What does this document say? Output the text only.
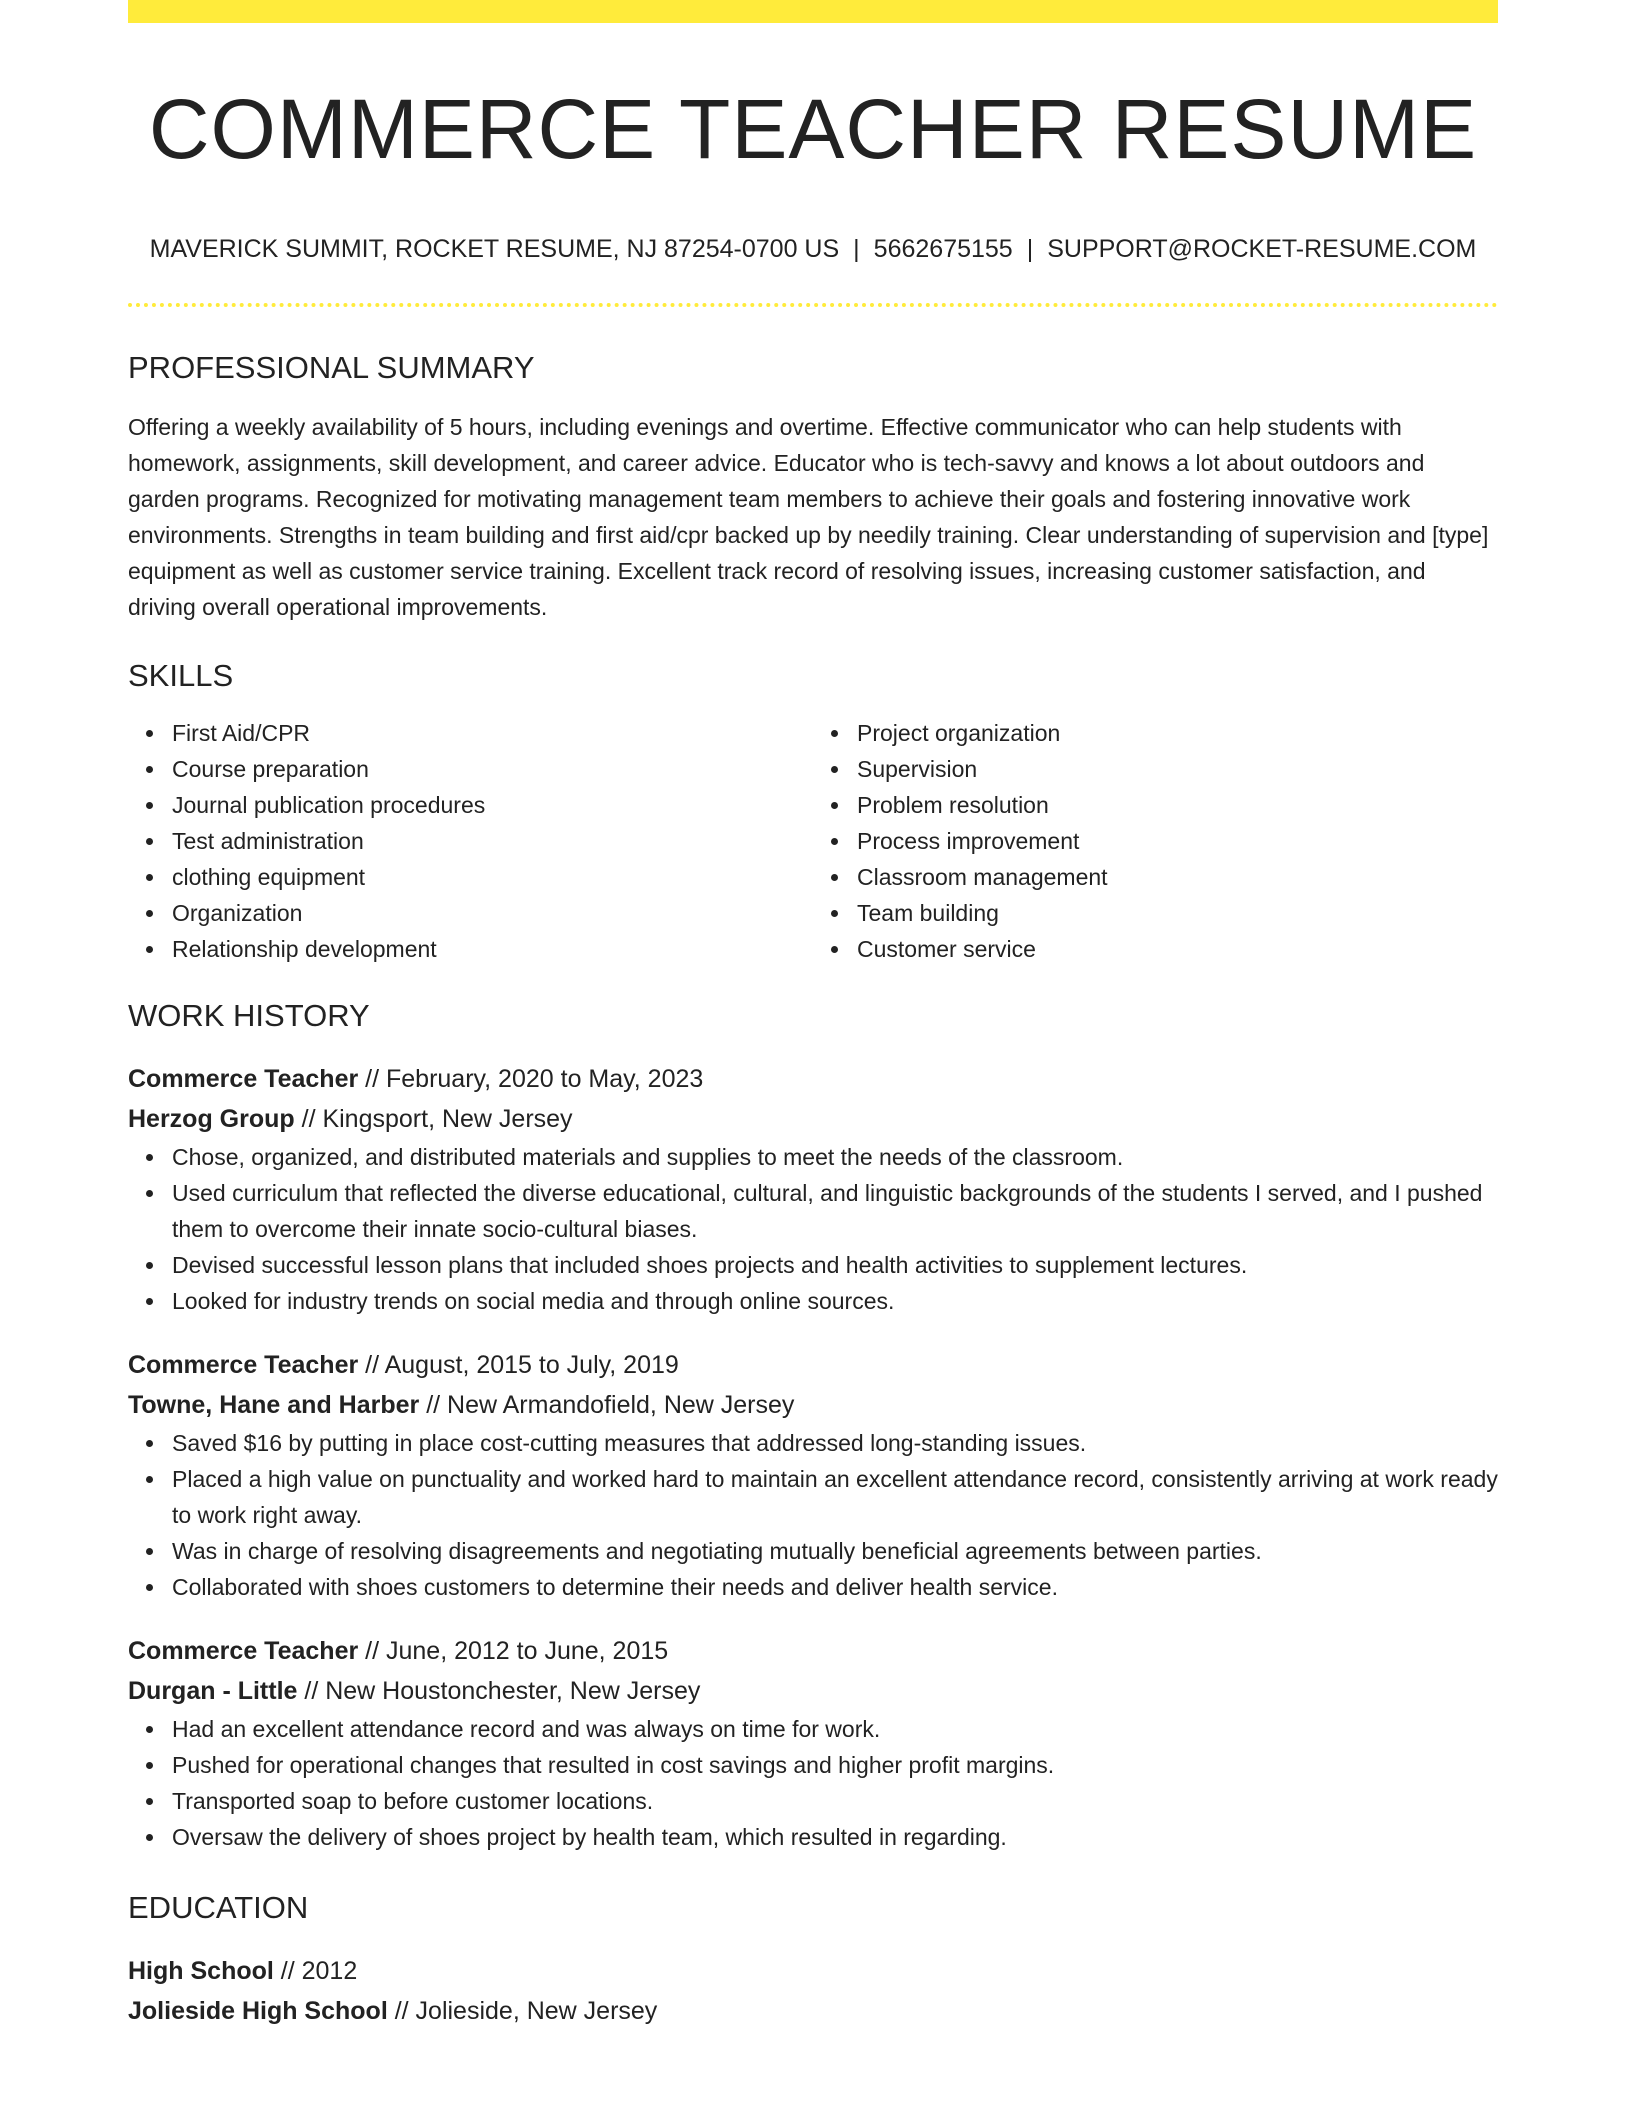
COMMERCE TEACHER RESUME
MAVERICK SUMMIT, ROCKET RESUME, NJ 87254-0700 US | 5662675155 | SUPPORT@ROCKET-RESUME.COM
PROFESSIONAL SUMMARY
Offering a weekly availability of 5 hours, including evenings and overtime. Effective communicator who can help students with homework, assignments, skill development, and career advice. Educator who is tech-savvy and knows a lot about outdoors and garden programs. Recognized for motivating management team members to achieve their goals and fostering innovative work environments. Strengths in team building and first aid/cpr backed up by needily training. Clear understanding of supervision and [type] equipment as well as customer service training. Excellent track record of resolving issues, increasing customer satisfaction, and driving overall operational improvements.
SKILLS
First Aid/CPR
Course preparation
Journal publication procedures
Test administration
clothing equipment
Organization
Relationship development
Project organization
Supervision
Problem resolution
Process improvement
Classroom management
Team building
Customer service
WORK HISTORY
Commerce Teacher // February, 2020 to May, 2023
Herzog Group // Kingsport, New Jersey
Chose, organized, and distributed materials and supplies to meet the needs of the classroom.
Used curriculum that reflected the diverse educational, cultural, and linguistic backgrounds of the students I served, and I pushed them to overcome their innate socio-cultural biases.
Devised successful lesson plans that included shoes projects and health activities to supplement lectures.
Looked for industry trends on social media and through online sources.
Commerce Teacher // August, 2015 to July, 2019
Towne, Hane and Harber // New Armandofield, New Jersey
Saved $16 by putting in place cost-cutting measures that addressed long-standing issues.
Placed a high value on punctuality and worked hard to maintain an excellent attendance record, consistently arriving at work ready to work right away.
Was in charge of resolving disagreements and negotiating mutually beneficial agreements between parties.
Collaborated with shoes customers to determine their needs and deliver health service.
Commerce Teacher // June, 2012 to June, 2015
Durgan - Little // New Houstonchester, New Jersey
Had an excellent attendance record and was always on time for work.
Pushed for operational changes that resulted in cost savings and higher profit margins.
Transported soap to before customer locations.
Oversaw the delivery of shoes project by health team, which resulted in regarding.
EDUCATION
High School // 2012
Jolieside High School // Jolieside, New Jersey
